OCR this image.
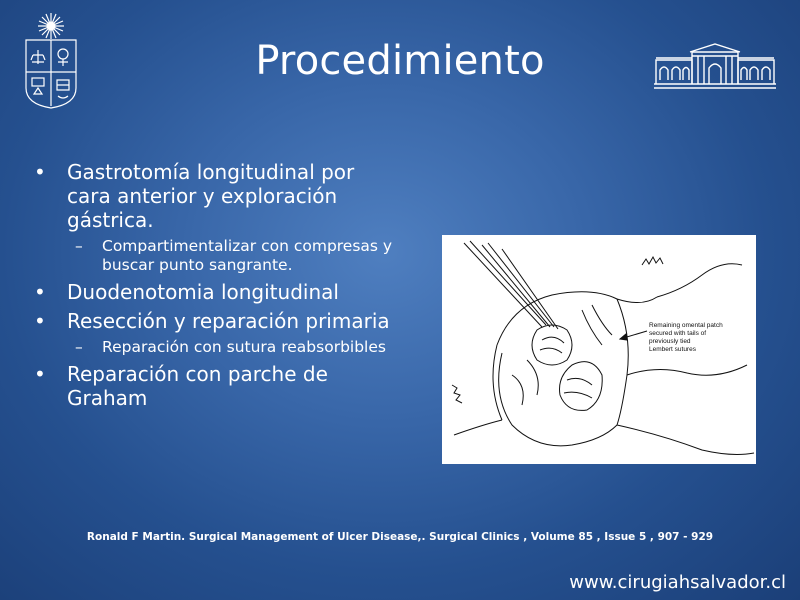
Procedimiento
• Gastrotomía longitudinal por cara anterior y exploración gástrica.
– Compartimentalizar con compresas y buscar punto sangrante.
• Duodenotomia longitudinal
• Resección y reparación primaria
– Reparación con sutura reabsorbibles
• Reparación con parche de Graham
Remaining omental patch
secured with tails of
previously tied
Lembert sutures
Ronald F Martin. Surgical Management of Ulcer Disease,. Surgical Clinics , Volume 85 , Issue 5 , 907 - 929
www.cirugiahsalvador.cl
